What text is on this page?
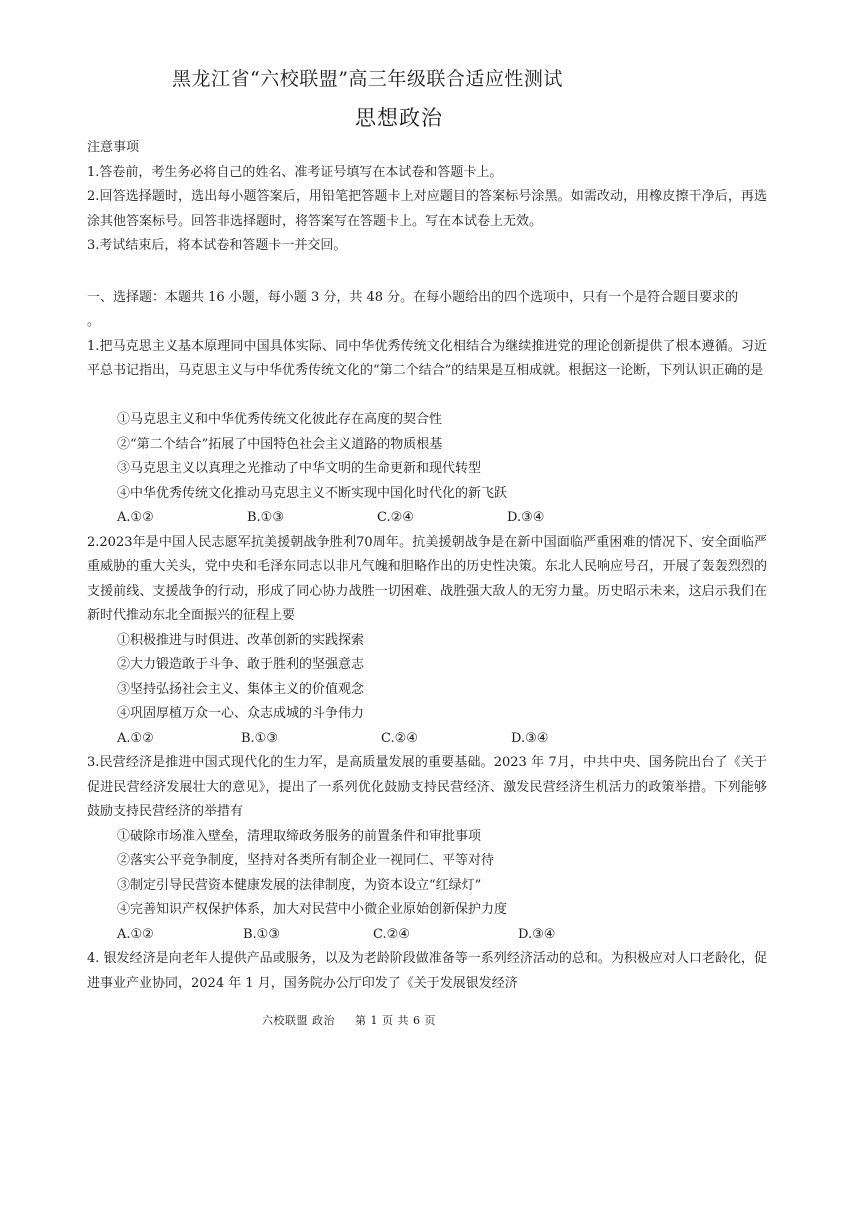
黑龙江省“六校联盟”高三年级联合适应性测试
思想政治
注意事项
1.答卷前，考生务必将自己的姓名、准考证号填写在本试卷和答题卡上。
2.回答选择题时，选出每小题答案后，用铅笔把答题卡上对应题目的答案标号涂黑。如需改动，用橡皮擦干净后，再选涂其他答案标号。回答非选择题时，将答案写在答题卡上。写在本试卷上无效。
3.考试结束后，将本试卷和答题卡一并交回。
一、选择题：本题共 16 小题，每小题 3 分，共 48 分。在每小题给出的四个选项中，只有一个是符合题目要求的
。
1.把马克思主义基本原理同中国具体实际、同中华优秀传统文化相结合为继续推进党的理论创新提供了根本遵循。习近平总书记指出，马克思主义与中华优秀传统文化的“第二个结合”的结果是互相成就。根据这一论断，下列认识正确的是
①马克思主义和中华优秀传统文化彼此存在高度的契合性
②“第二个结合”拓展了中国特色社会主义道路的物质根基
③马克思主义以真理之光推动了中华文明的生命更新和现代转型
④中华优秀传统文化推动马克思主义不断实现中国化时代化的新飞跃
A.①②	B.①③	C.②④	D.③④
2.2023年是中国人民志愿军抗美援朝战争胜利70周年。抗美援朝战争是在新中国面临严重困难的情况下、安全面临严重威胁的重大关头，党中央和毛泽东同志以非凡气魄和胆略作出的历史性决策。东北人民响应号召，开展了轰轰烈烈的支援前线、支援战争的行动，形成了同心协力战胜一切困难、战胜强大敌人的无穷力量。历史昭示未来，这启示我们在新时代推动东北全面振兴的征程上要
①积极推进与时俱进、改革创新的实践探索
②大力锻造敢于斗争、敢于胜利的坚强意志
③坚持弘扬社会主义、集体主义的价值观念
④巩固厚植万众一心、众志成城的斗争伟力
A.①②	B.①③	C.②④	D.③④
3.民营经济是推进中国式现代化的生力军，是高质量发展的重要基础。2023 年 7月，中共中央、国务院出台了《关于促进民营经济发展壮大的意见》，提出了一系列优化鼓励支持民营经济、激发民营经济生机活力的政策举措。下列能够鼓励支持民营经济的举措有
①破除市场准入壁垒，清理取缔政务服务的前置条件和审批事项
②落实公平竞争制度，坚持对各类所有制企业一视同仁、平等对待
③制定引导民营资本健康发展的法律制度，为资本设立“红绿灯”
④完善知识产权保护体系，加大对民营中小微企业原始创新保护力度
A.①②	B.①③	C.②④	D.③④
4. 银发经济是向老年人提供产品或服务，以及为老龄阶段做准备等一系列经济活动的总和。为积极应对人口老龄化，促进事业产业协同，2024 年 1 月，国务院办公厅印发了《关于发展银发经济
六校联盟 政治 第 1 页 共 6 页
